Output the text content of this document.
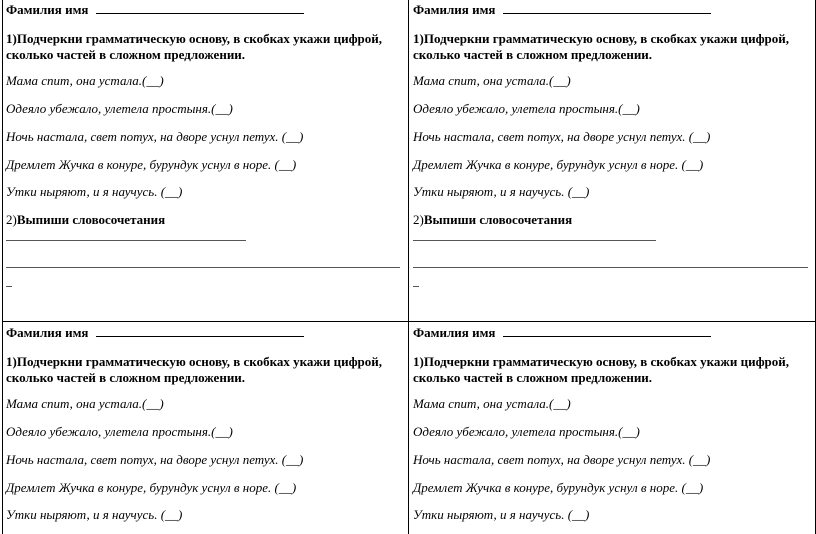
Фамилия имя
1)Подчеркни грамматическую основу, в скобках укажи цифрой,
сколько частей в сложном предложении.
Мама спит, она устала.(__)
Одеяло убежало, улетела простыня.(__)
Ночь настала, свет потух, на дворе уснул петух. (__)
Дремлет Жучка в конуре, бурундук уснул в норе. (__)
Утки ныряют, и я научусь. (__)
2)Выпиши словосочетания
Фамилия имя
1)Подчеркни грамматическую основу, в скобках укажи цифрой,
сколько частей в сложном предложении.
Мама спит, она устала.(__)
Одеяло убежало, улетела простыня.(__)
Ночь настала, свет потух, на дворе уснул петух. (__)
Дремлет Жучка в конуре, бурундук уснул в норе. (__)
Утки ныряют, и я научусь. (__)
2)Выпиши словосочетания
Фамилия имя
1)Подчеркни грамматическую основу, в скобках укажи цифрой,
сколько частей в сложном предложении.
Мама спит, она устала.(__)
Одеяло убежало, улетела простыня.(__)
Ночь настала, свет потух, на дворе уснул петух. (__)
Дремлет Жучка в конуре, бурундук уснул в норе. (__)
Утки ныряют, и я научусь. (__)
Фамилия имя
1)Подчеркни грамматическую основу, в скобках укажи цифрой,
сколько частей в сложном предложении.
Мама спит, она устала.(__)
Одеяло убежало, улетела простыня.(__)
Ночь настала, свет потух, на дворе уснул петух. (__)
Дремлет Жучка в конуре, бурундук уснул в норе. (__)
Утки ныряют, и я научусь. (__)
